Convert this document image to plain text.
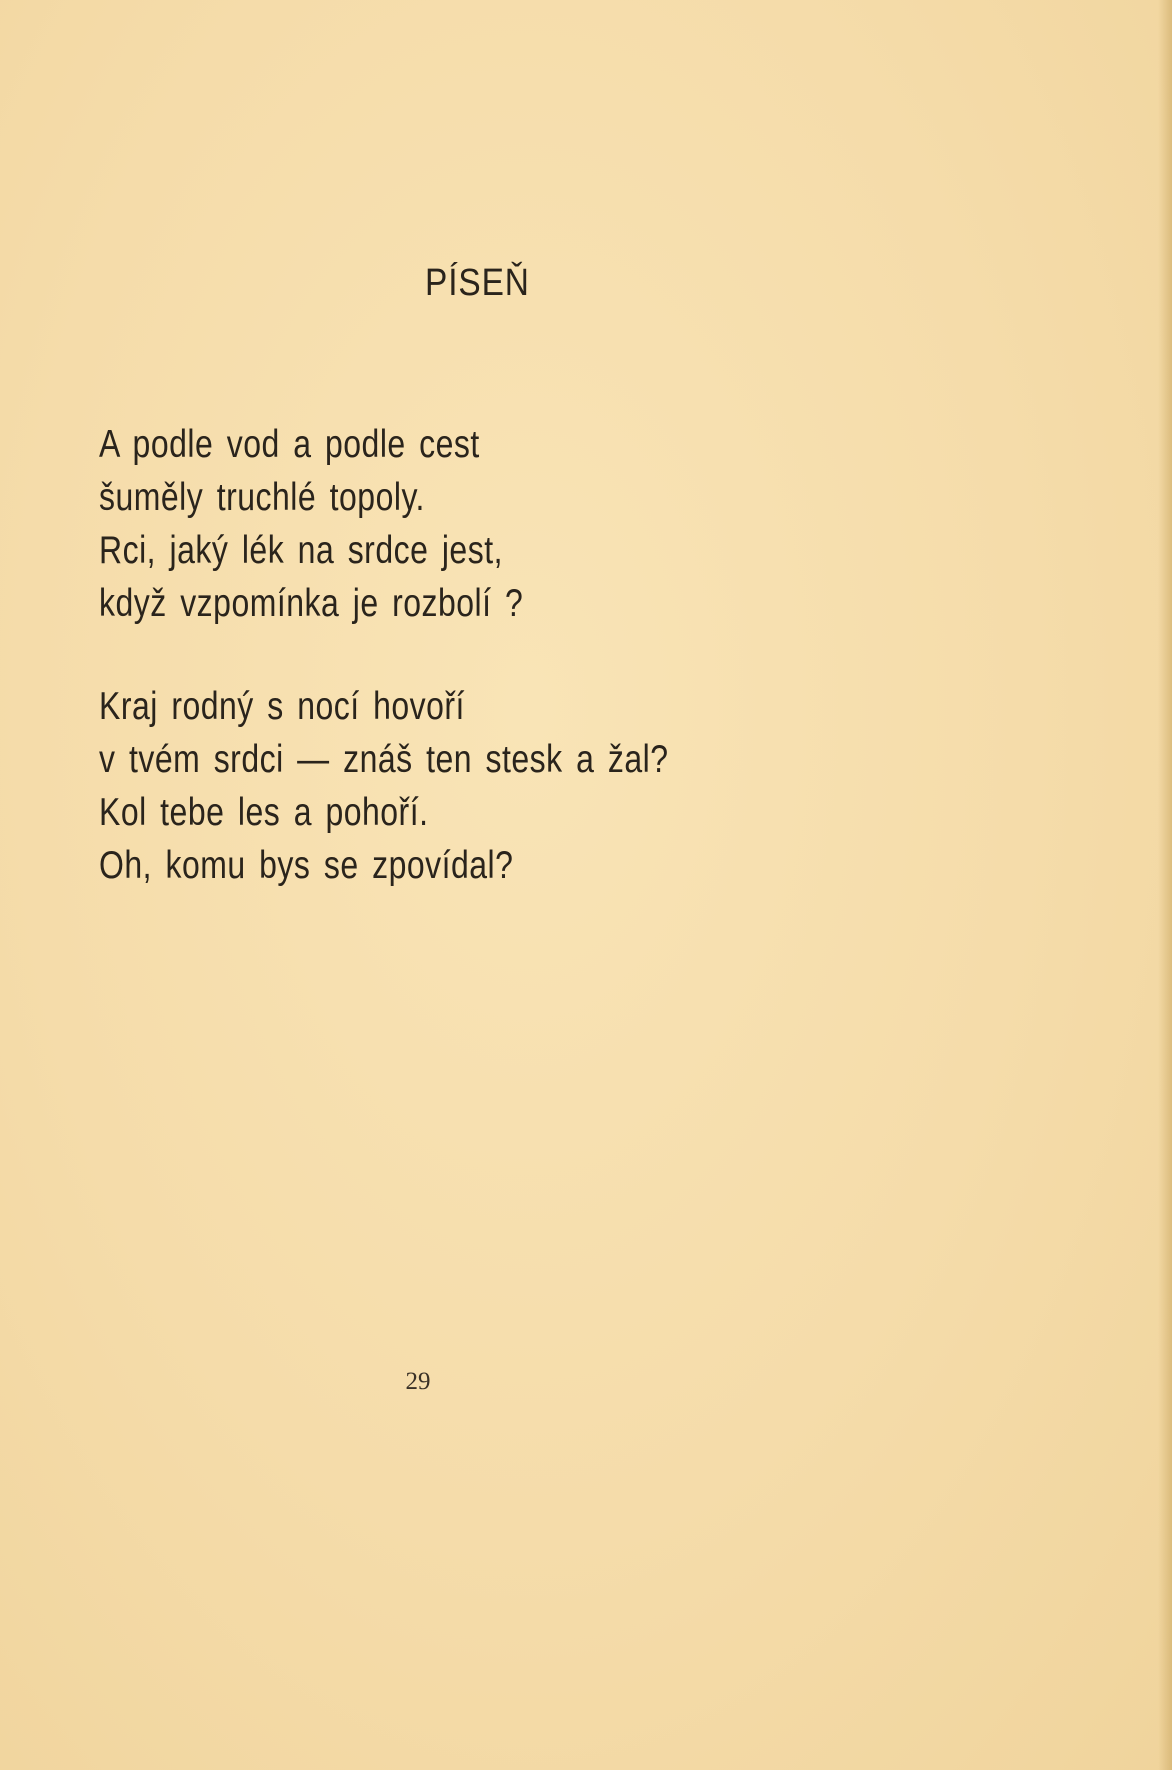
PÍSEŇ
A podle vod a podle cest
šuměly truchlé topoly.
Rci, jaký lék na srdce jest,
když vzpomínka je rozbolí ?
Kraj rodný s nocí hovoří
v tvém srdci — znáš ten stesk a žal?
Kol tebe les a pohoří.
Oh, komu bys se zpovídal?
29
